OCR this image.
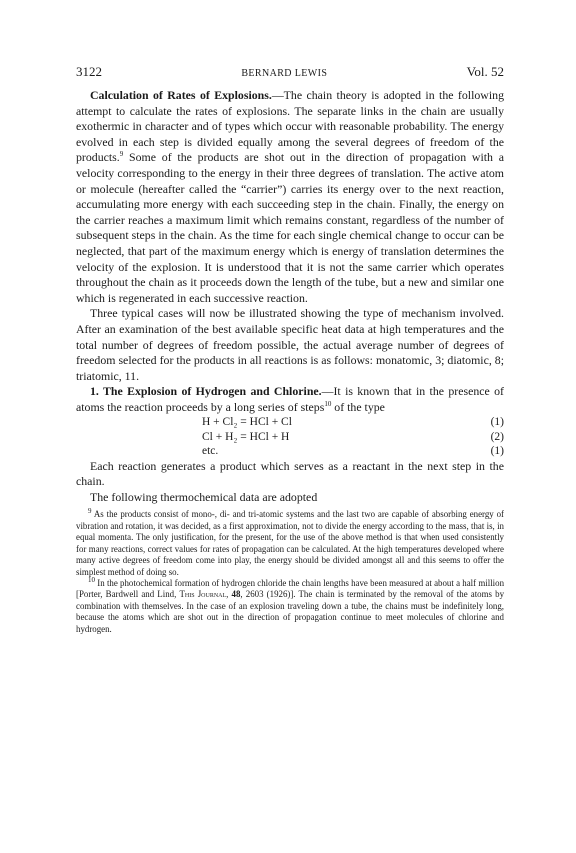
3122	BERNARD LEWIS	Vol. 52

Calculation of Rates of Explosions.—The chain theory is adopted in the following attempt to calculate the rates of explosions. The separate links in the chain are usually exothermic in character and of types which occur with reasonable probability. The energy evolved in each step is divided equally among the several degrees of freedom of the products.$^9$ Some of the products are shot out in the direction of propagation with a velocity corresponding to the energy in their three degrees of translation. The active atom or molecule (hereafter called the “carrier”) carries its energy over to the next reaction, accumulating more energy with each succeeding step in the chain. Finally, the energy on the carrier reaches a maximum limit which remains constant, regardless of the number of subsequent steps in the chain. As the time for each single chemical change to occur can be neglected, that part of the maximum energy which is energy of translation determines the velocity of the explosion. It is understood that it is not the same carrier which operates throughout the chain as it proceeds down the length of the tube, but a new and similar one which is regenerated in each successive reaction.

Three typical cases will now be illustrated showing the type of mechanism involved. After an examination of the best available specific heat data at high temperatures and the total number of degrees of freedom possible, the actual average number of degrees of freedom selected for the products in all reactions is as follows: monatomic, 3; diatomic, 8; triatomic, 11.

1. The Explosion of Hydrogen and Chlorine.—It is known that in the presence of atoms the reaction proceeds by a long series of steps$^{10}$ of the type

H + Cl₂ = HCl + Cl	(1)
Cl + H₂ = HCl + H	(2)
etc.	(1)

Each reaction generates a product which serves as a reactant in the next step in the chain.

The following thermochemical data are adopted

$^9$ As the products consist of mono-, di- and tri-atomic systems and the last two are capable of absorbing energy of vibration and rotation, it was decided, as a first approximation, not to divide the energy according to the mass, that is, in equal momenta. The only justification, for the present, for the use of the above method is that when used consistently for many reactions, correct values for rates of propagation can be calculated. At the high temperatures developed where many active degrees of freedom come into play, the energy should be divided amongst all and this seems to offer the simplest method of doing so.

$^{10}$ In the photochemical formation of hydrogen chloride the chain lengths have been measured at about a half million [Porter, Bardwell and Lind, This Journal, 48, 2603 (1926)]. The chain is terminated by the removal of the atoms by combination with themselves. In the case of an explosion traveling down a tube, the chains must be indefinitely long, because the atoms which are shot out in the direction of propagation continue to meet molecules of chlorine and hydrogen.
